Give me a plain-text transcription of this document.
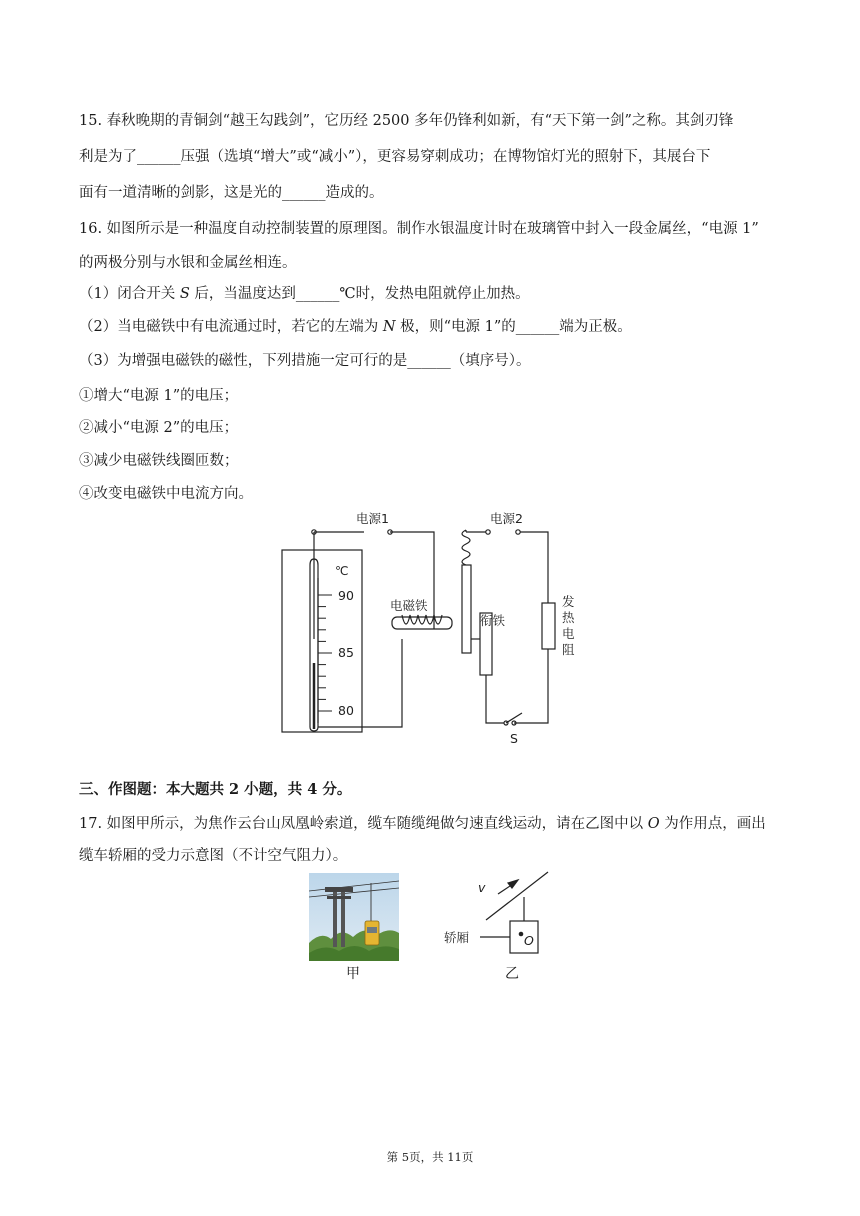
15. 春秋晚期的青铜剑“越王勾践剑”，它历经 2500 多年仍锋利如新，有“天下第一剑”之称。其剑刃锋
利是为了______压强（选填“增大”或“减小”），更容易穿刺成功；在博物馆灯光的照射下，其展台下
面有一道清晰的剑影，这是光的______造成的。
16. 如图所示是一种温度自动控制装置的原理图。制作水银温度计时在玻璃管中封入一段金属丝，“电源 1”
的两极分别与水银和金属丝相连。
（1）闭合开关 S 后，当温度达到______℃时，发热电阻就停止加热。
（2）当电磁铁中有电流通过时，若它的左端为 N 极，则“电源 1”的______端为正极。
（3）为增强电磁铁的磁性，下列措施一定可行的是______（填序号）。
①增大“电源 1”的电压；
②减小“电源 2”的电压；
③减少电磁铁线圈匝数；
④改变电磁铁中电流方向。
电源1	电源2
℃
90
85
80
电磁铁
衔铁
发
热
电
阻
S
三、作图题：本大题共 2 小题，共 4 分。
17. 如图甲所示，为焦作云台山凤凰岭索道，缆车随缆绳做匀速直线运动，请在乙图中以 O 为作用点，画出
缆车轿厢的受力示意图（不计空气阻力）。
v
轿厢	O
甲	乙
第 5页，共 11页
